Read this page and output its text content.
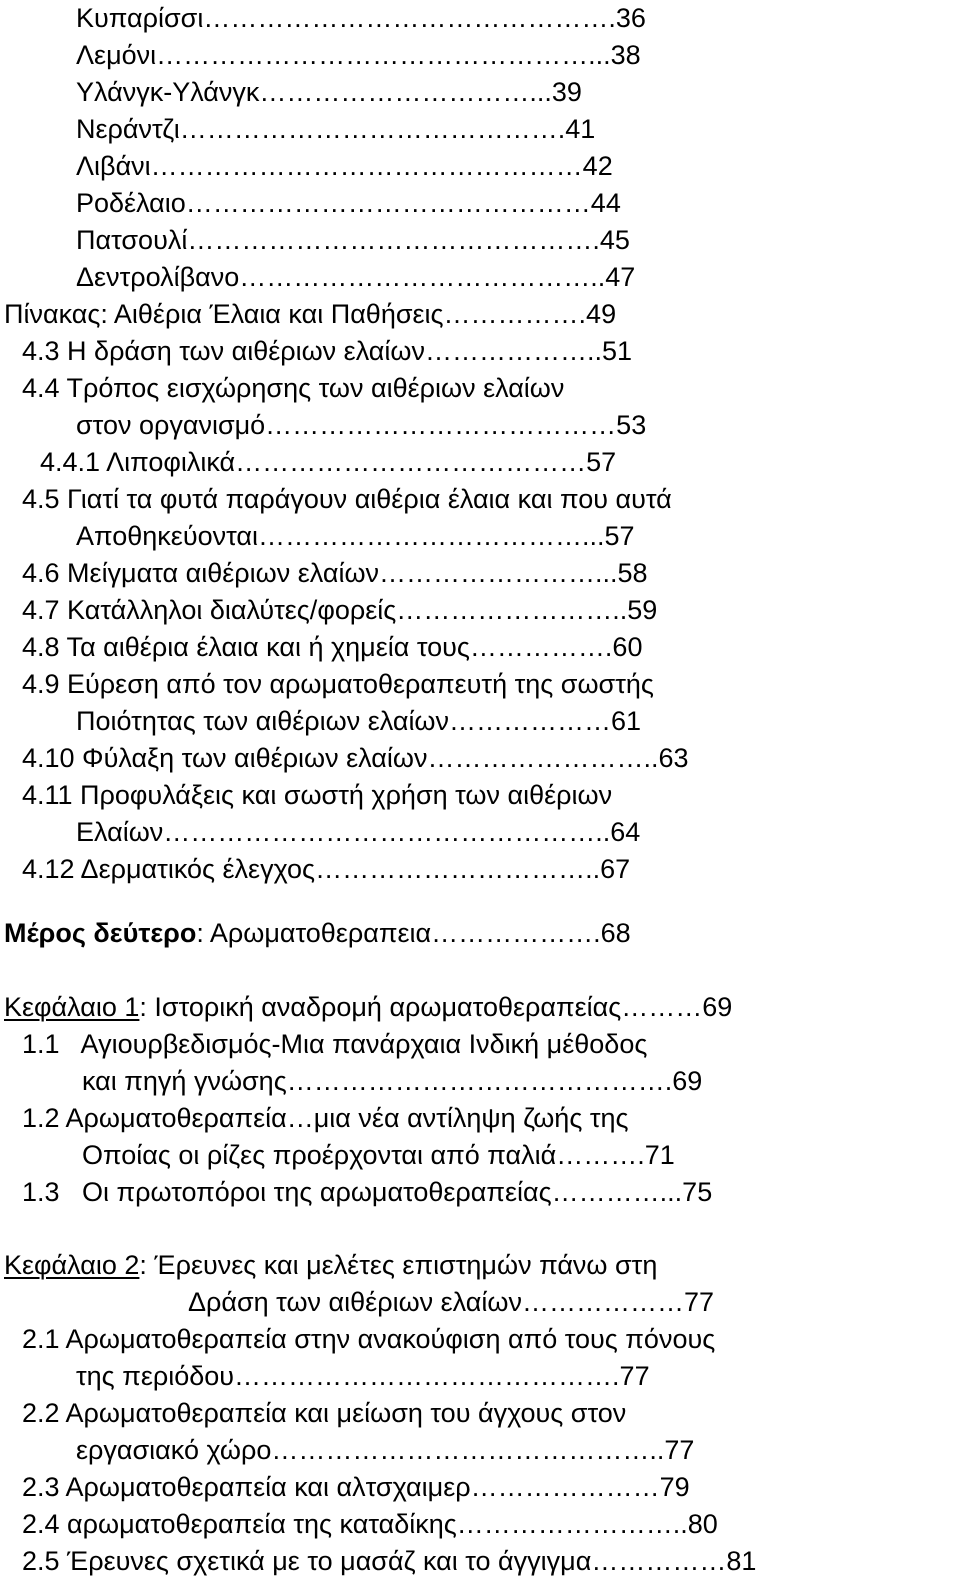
Κυπαρίσσι……………………………………….36
Λεμόνι…………………………………………...38
Υλάνγκ-Υλάνγκ…………………………...39
Νεράντζι…………………………………….41
Λιβάνι…………………………………………42
Ροδέλαιο………………………………………44
Πατσουλί……………………………………….45
Δεντρολίβανο…………………………………..47
Πίνακας: Αιθέρια Έλαια και Παθήσεις…………….49
4.3 Η δράση των αιθέριων ελαίων………………..51
4.4 Τρόπος εισχώρησης των αιθέριων ελαίων
στον οργανισμό…………………………………53
4.4.1 Λιποφιλικά…………………………………57
4.5 Γιατί τα φυτά παράγουν αιθέρια έλαια και που αυτά
Αποθηκεύονται………………………………...57
4.6 Μείγματα αιθέριων ελαίων……………………...58
4.7 Κατάλληλοι διαλύτες/φορείς……………………..59
4.8 Τα αιθέρια έλαια και ή χημεία τους…………….60
4.9 Εύρεση από τον αρωματοθεραπευτή της σωστής
Ποιότητας των αιθέριων ελαίων………………61
4.10 Φύλαξη των αιθέριων ελαίων……………………..63
4.11 Προφυλάξεις και σωστή χρήση των αιθέριων
Ελαίων…………………………………………..64
4.12 Δερματικός έλεγχος…………………………..67
Μέρος δεύτερο: Αρωματοθεραπεια……………….68
Κεφάλαιο 1: Ιστορική αναδρομή αρωματοθεραπείας………69
1.1   Αγιουρβεδισμός-Μια πανάρχαια Ινδική μέθοδος
και πηγή γνώσης…………………………………….69
1.2 Αρωματοθεραπεία…μια νέα αντίληψη ζωής της
Οποίας οι ρίζες προέρχονται από παλιά……….71
1.3   Οι πρωτοπόροι της αρωματοθεραπείας…………...75
Κεφάλαιο 2: Έρευνες και μελέτες επιστημών πάνω στη
Δράση των αιθέριων ελαίων………………77
2.1 Αρωματοθεραπεία στην ανακούφιση από τους πόνους
της περιόδου…………………………………….77
2.2 Αρωματοθεραπεία και μείωση του άγχους στον
εργασιακό χώρο……………………………………..77
2.3 Αρωματοθεραπεία και αλτσχαιμερ…………………79
2.4 αρωματοθεραπεία της καταδίκης……………………..80
2.5 Έρευνες σχετικά με το μασάζ και το άγγιγμα……………81
